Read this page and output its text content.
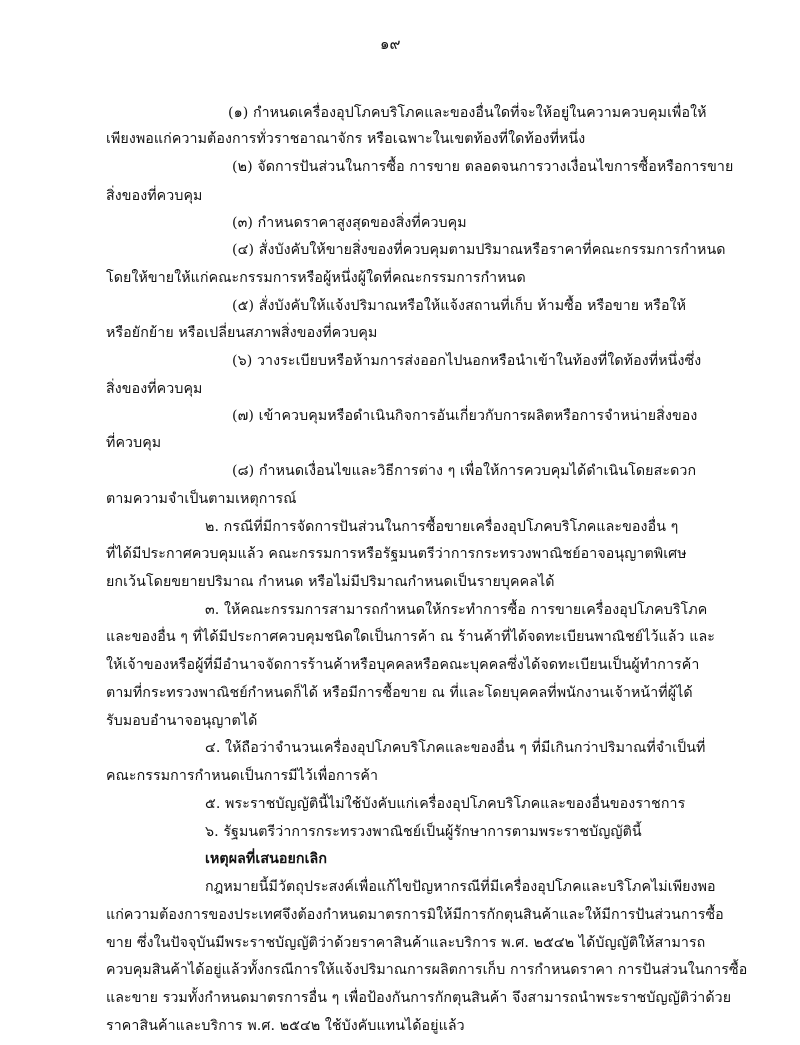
๑๙
(๑) กำหนดเครื่องอุปโภคบริโภคและของอื่นใดที่จะให้อยู่ในความควบคุมเพื่อให้
เพียงพอแก่ความต้องการทั่วราชอาณาจักร หรือเฉพาะในเขตท้องที่ใดท้องที่หนึ่ง
(๒) จัดการปันส่วนในการซื้อ การขาย ตลอดจนการวางเงื่อนไขการซื้อหรือการขาย
สิ่งของที่ควบคุม
(๓) กำหนดราคาสูงสุดของสิ่งที่ควบคุม
(๔) สั่งบังคับให้ขายสิ่งของที่ควบคุมตามปริมาณหรือราคาที่คณะกรรมการกำหนด
โดยให้ขายให้แก่คณะกรรมการหรือผู้หนึ่งผู้ใดที่คณะกรรมการกำหนด
(๕) สั่งบังคับให้แจ้งปริมาณหรือให้แจ้งสถานที่เก็บ ห้ามซื้อ หรือขาย หรือให้
หรือยักย้าย หรือเปลี่ยนสภาพสิ่งของที่ควบคุม
(๖) วางระเบียบหรือห้ามการส่งออกไปนอกหรือนำเข้าในท้องที่ใดท้องที่หนึ่งซึ่ง
สิ่งของที่ควบคุม
(๗) เข้าควบคุมหรือดำเนินกิจการอันเกี่ยวกับการผลิตหรือการจำหน่ายสิ่งของ
ที่ควบคุม
(๘) กำหนดเงื่อนไขและวิธีการต่าง ๆ เพื่อให้การควบคุมได้ดำเนินโดยสะดวก
ตามความจำเป็นตามเหตุการณ์
๒. กรณีที่มีการจัดการปันส่วนในการซื้อขายเครื่องอุปโภคบริโภคและของอื่น ๆ
ที่ได้มีประกาศควบคุมแล้ว คณะกรรมการหรือรัฐมนตรีว่าการกระทรวงพาณิชย์อาจอนุญาตพิเศษ
ยกเว้นโดยขยายปริมาณ กำหนด หรือไม่มีปริมาณกำหนดเป็นรายบุคคลได้
๓. ให้คณะกรรมการสามารถกำหนดให้กระทำการซื้อ การขายเครื่องอุปโภคบริโภค
และของอื่น ๆ ที่ได้มีประกาศควบคุมชนิดใดเป็นการค้า ณ ร้านค้าที่ได้จดทะเบียนพาณิชย์ไว้แล้ว และ
ให้เจ้าของหรือผู้ที่มีอำนาจจัดการร้านค้าหรือบุคคลหรือคณะบุคคลซึ่งได้จดทะเบียนเป็นผู้ทำการค้า
ตามที่กระทรวงพาณิชย์กำหนดก็ได้ หรือมีการซื้อขาย ณ ที่และโดยบุคคลที่พนักงานเจ้าหน้าที่ผู้ได้
รับมอบอำนาจอนุญาตได้
๔. ให้ถือว่าจำนวนเครื่องอุปโภคบริโภคและของอื่น ๆ ที่มีเกินกว่าปริมาณที่จำเป็นที่
คณะกรรมการกำหนดเป็นการมีไว้เพื่อการค้า
๕. พระราชบัญญัตินี้ไม่ใช้บังคับแก่เครื่องอุปโภคบริโภคและของอื่นของราชการ
๖. รัฐมนตรีว่าการกระทรวงพาณิชย์เป็นผู้รักษาการตามพระราชบัญญัตินี้
เหตุผลที่เสนอยกเลิก
กฎหมายนี้มีวัตถุประสงค์เพื่อแก้ไขปัญหากรณีที่มีเครื่องอุปโภคและบริโภคไม่เพียงพอ
แก่ความต้องการของประเทศจึงต้องกำหนดมาตรการมิให้มีการกักตุนสินค้าและให้มีการปันส่วนการซื้อ
ขาย ซึ่งในปัจจุบันมีพระราชบัญญัติว่าด้วยราคาสินค้าและบริการ พ.ศ. ๒๕๔๒ ได้บัญญัติให้สามารถ
ควบคุมสินค้าได้อยู่แล้วทั้งกรณีการให้แจ้งปริมาณการผลิตการเก็บ การกำหนดราคา การปันส่วนในการซื้อ
และขาย รวมทั้งกำหนดมาตรการอื่น ๆ เพื่อป้องกันการกักตุนสินค้า จึงสามารถนำพระราชบัญญัติว่าด้วย
ราคาสินค้าและบริการ พ.ศ. ๒๕๔๒ ใช้บังคับแทนได้อยู่แล้ว
